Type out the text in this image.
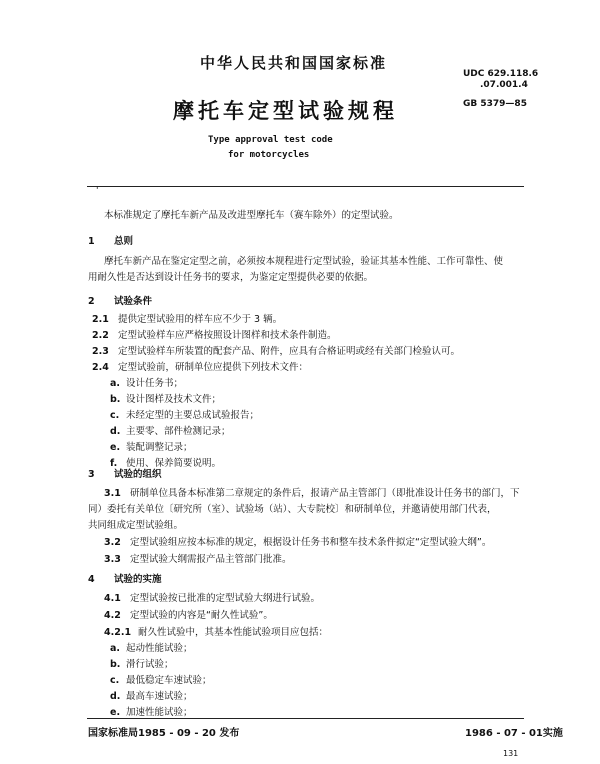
中华人民共和国国家标准
UDC 629.118.6
.07.001.4
GB 5379—85
摩托车定型试验规程
Type approval test code
for motorcycles
'
本标准规定了摩托车新产品及改进型摩托车（赛车除外）的定型试验。
1 总则
摩托车新产品在鉴定定型之前，必须按本规程进行定型试验，验证其基本性能、工作可靠性、使
用耐久性是否达到设计任务书的要求，为鉴定定型提供必要的依据。
2 试验条件
2.1 提供定型试验用的样车应不少于 3 辆。
2.2 定型试验样车应严格按照设计图样和技术条件制造。
2.3 定型试验样车所装置的配套产品、附件，应具有合格证明或经有关部门检验认可。
2.4 定型试验前，研制单位应提供下列技术文件：
a. 设计任务书；
b. 设计图样及技术文件；
c. 未经定型的主要总成试验报告；
d. 主要零、部件检测记录；
e. 装配调整记录；
f. 使用、保养简要说明。
3 试验的组织
3.1 研制单位具备本标准第二章规定的条件后，报请产品主管部门（即批准设计任务书的部门，下
同）委托有关单位〔研究所（室）、试验场（站）、大专院校〕和研制单位，并邀请使用部门代表，
共同组成定型试验组。
3.2 定型试验组应按本标准的规定，根据设计任务书和整车技术条件拟定“定型试验大纲”。
3.3 定型试验大纲需报产品主管部门批准。
4 试验的实施
4.1 定型试验按已批准的定型试验大纲进行试验。
4.2 定型试验的内容是“耐久性试验”。
4.2.1 耐久性试验中，其基本性能试验项目应包括：
a. 起动性能试验；
b. 滑行试验；
c. 最低稳定车速试验；
d. 最高车速试验；
国家标准局1985 - 09 - 20 发布	1986 - 07 - 01实施
131
e. 加速性能试验；
